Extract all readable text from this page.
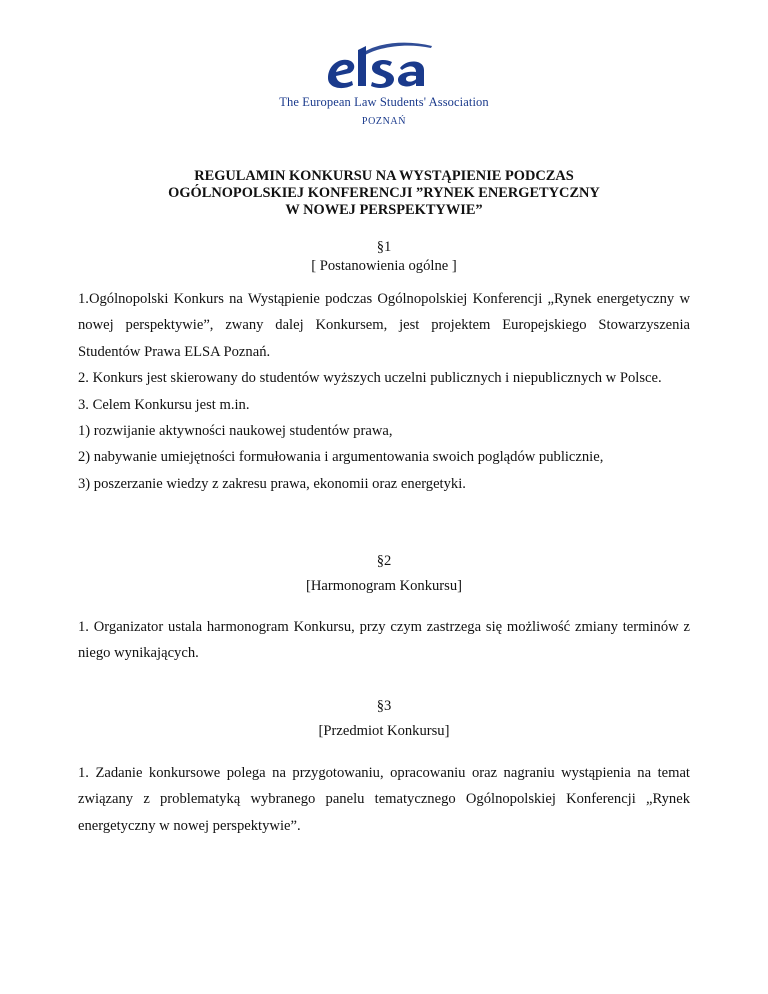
The European Law Students' Association
POZNAŃ
REGULAMIN KONKURSU NA WYSTĄPIENIE PODCZAS
OGÓLNOPOLSKIEJ KONFERENCJI ”RYNEK ENERGETYCZNY
W NOWEJ PERSPEKTYWIE”
§1
[ Postanowienia ogólne ]

1.Ogólnopolski Konkurs na Wystąpienie podczas Ogólnopolskiej Konferencji „Rynek energetyczny w nowej perspektywie”, zwany dalej Konkursem, jest projektem Europejskiego Stowarzyszenia Studentów Prawa ELSA Poznań.

2. Konkurs jest skierowany do studentów wyższych uczelni publicznych i niepublicznych w Polsce.

3. Celem Konkursu jest m.in.

1) rozwijanie aktywności naukowej studentów prawa,

2) nabywanie umiejętności formułowania i argumentowania swoich poglądów publicznie,

3) poszerzanie wiedzy z zakresu prawa, ekonomii oraz energetyki.

§2
[Harmonogram Konkursu]

1. Organizator ustala harmonogram Konkursu, przy czym zastrzega się możliwość zmiany terminów z niego wynikających.

§3
[Przedmiot Konkursu]

1. Zadanie konkursowe polega na przygotowaniu, opracowaniu oraz nagraniu wystąpienia na temat związany z problematyką wybranego panelu tematycznego Ogólnopolskiej Konferencji „Rynek energetyczny w nowej perspektywie”.
